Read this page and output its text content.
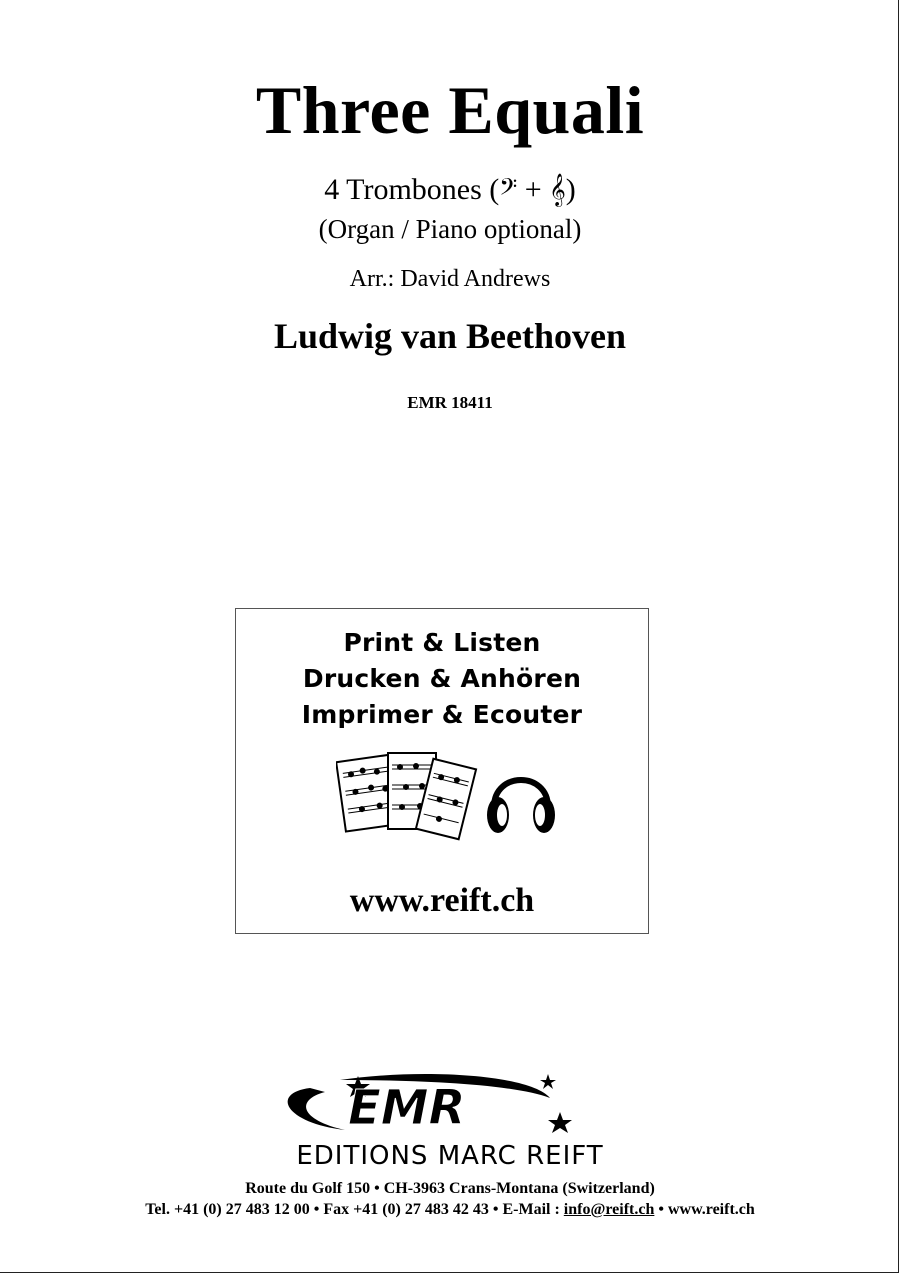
Three Equali
4 Trombones (𝄢 + 𝄞)
(Organ / Piano optional)
Arr.: David Andrews
Ludwig van Beethoven
EMR 18411
Print & Listen
Drucken & Anhören
Imprimer & Ecouter
www.reift.ch
EMR
EDITIONS MARC REIFT
Route du Golf 150 • CH-3963 Crans-Montana (Switzerland)
Tel. +41 (0) 27 483 12 00 • Fax +41 (0) 27 483 42 43 • E-Mail : info@reift.ch • www.reift.ch
